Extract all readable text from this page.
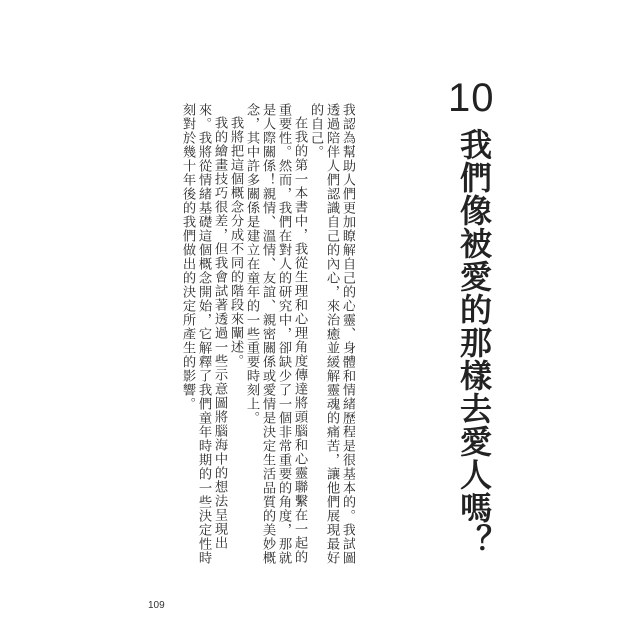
10
我們像被愛的那樣去愛人嗎？

我認為幫助人們更加瞭解自己的心靈、身體和情緒歷程是很基本的。我試圖透過陪伴人們認識自己的內心，來治癒並緩解靈魂的痛苦，讓他們展現最好的自己。

在我的第一本書中，我從生理和心理角度傳達將頭腦和心靈聯繫在一起的重要性。然而，我們在對人的研究中，卻缺少了一個非常重要的角度，那就是人際關係！親情、溫情、友誼、親密關係或愛情是決定生活品質的美妙概念，其中許多關係是建立在童年的一些重要時刻上。

我將把這個概念分成不同的階段來闡述。

我的繪畫技巧很差，但我會試著透過一些示意圖將腦海中的想法呈現出來。我將從情緒基礎這個概念開始，它解釋了我們童年時期的一些決定性時刻對於幾十年後的我們做出的決定所產生的影響。

109
